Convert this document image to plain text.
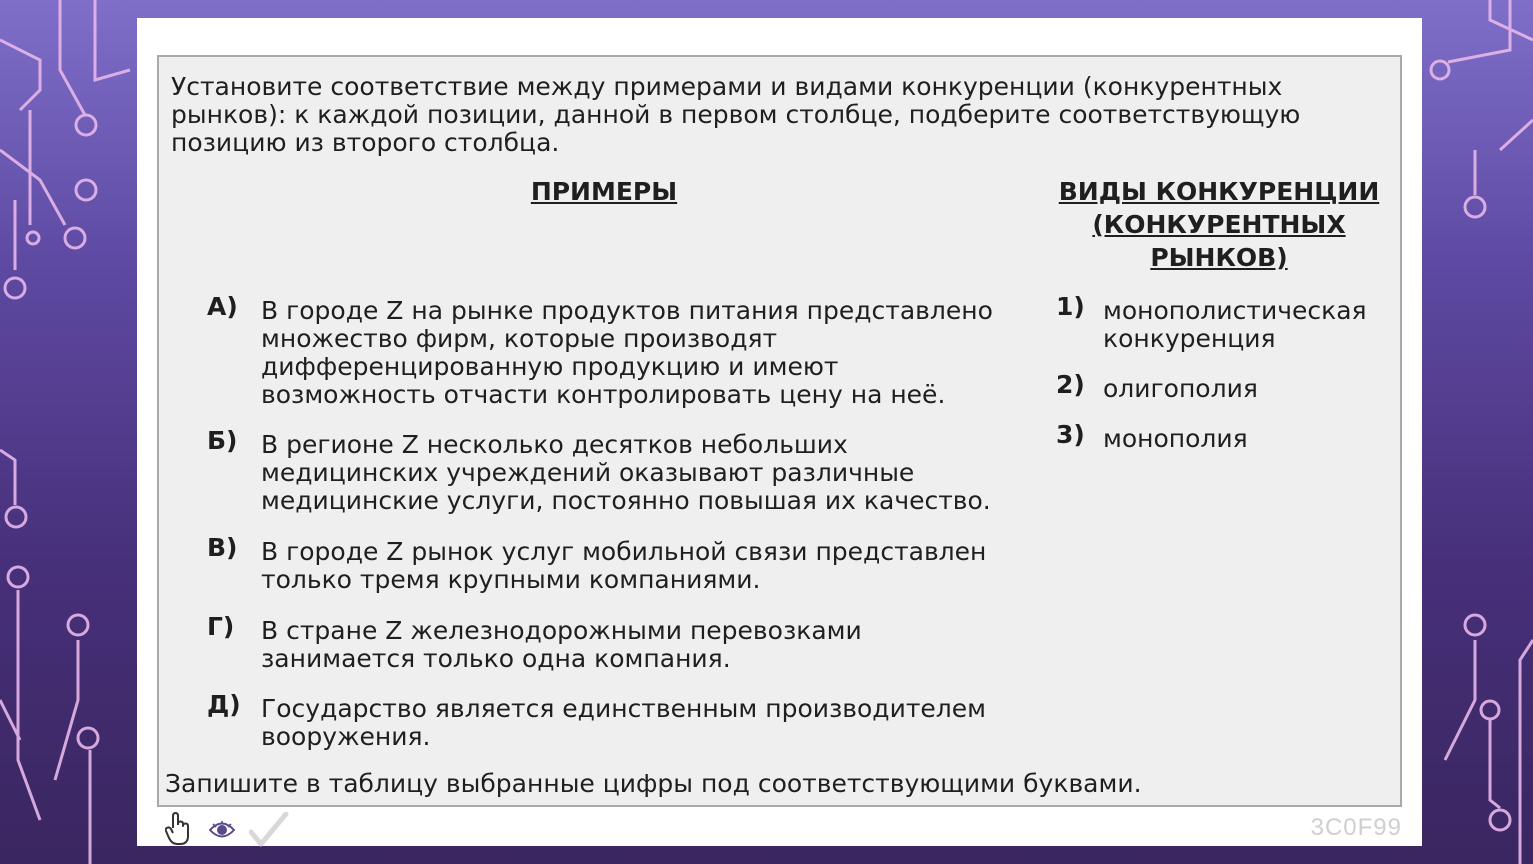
Установите соответствие между примерами и видами конкуренции (конкурентных рынков): к каждой позиции, данной в первом столбце, подберите соответствующую позицию из второго столбца.
ПРИМЕРЫ	ВИДЫ КОНКУРЕНЦИИ
(КОНКУРЕНТНЫХ
РЫНКОВ)
А) В городе Z на рынке продуктов питания представлено
множество фирм, которые производят
дифференцированную продукцию и имеют
возможность отчасти контролировать цену на неё.
Б) В регионе Z несколько десятков небольших
медицинских учреждений оказывают различные
медицинские услуги, постоянно повышая их качество.
В) В городе Z рынок услуг мобильной связи представлен
только тремя крупными компаниями.
Г) В стране Z железнодорожными перевозками
занимается только одна компания.
Д) Государство является единственным производителем
вооружения.
1) монополистическая
конкуренция
2) олигополия
3) монополия
Запишите в таблицу выбранные цифры под соответствующими буквами.
3C0F99
